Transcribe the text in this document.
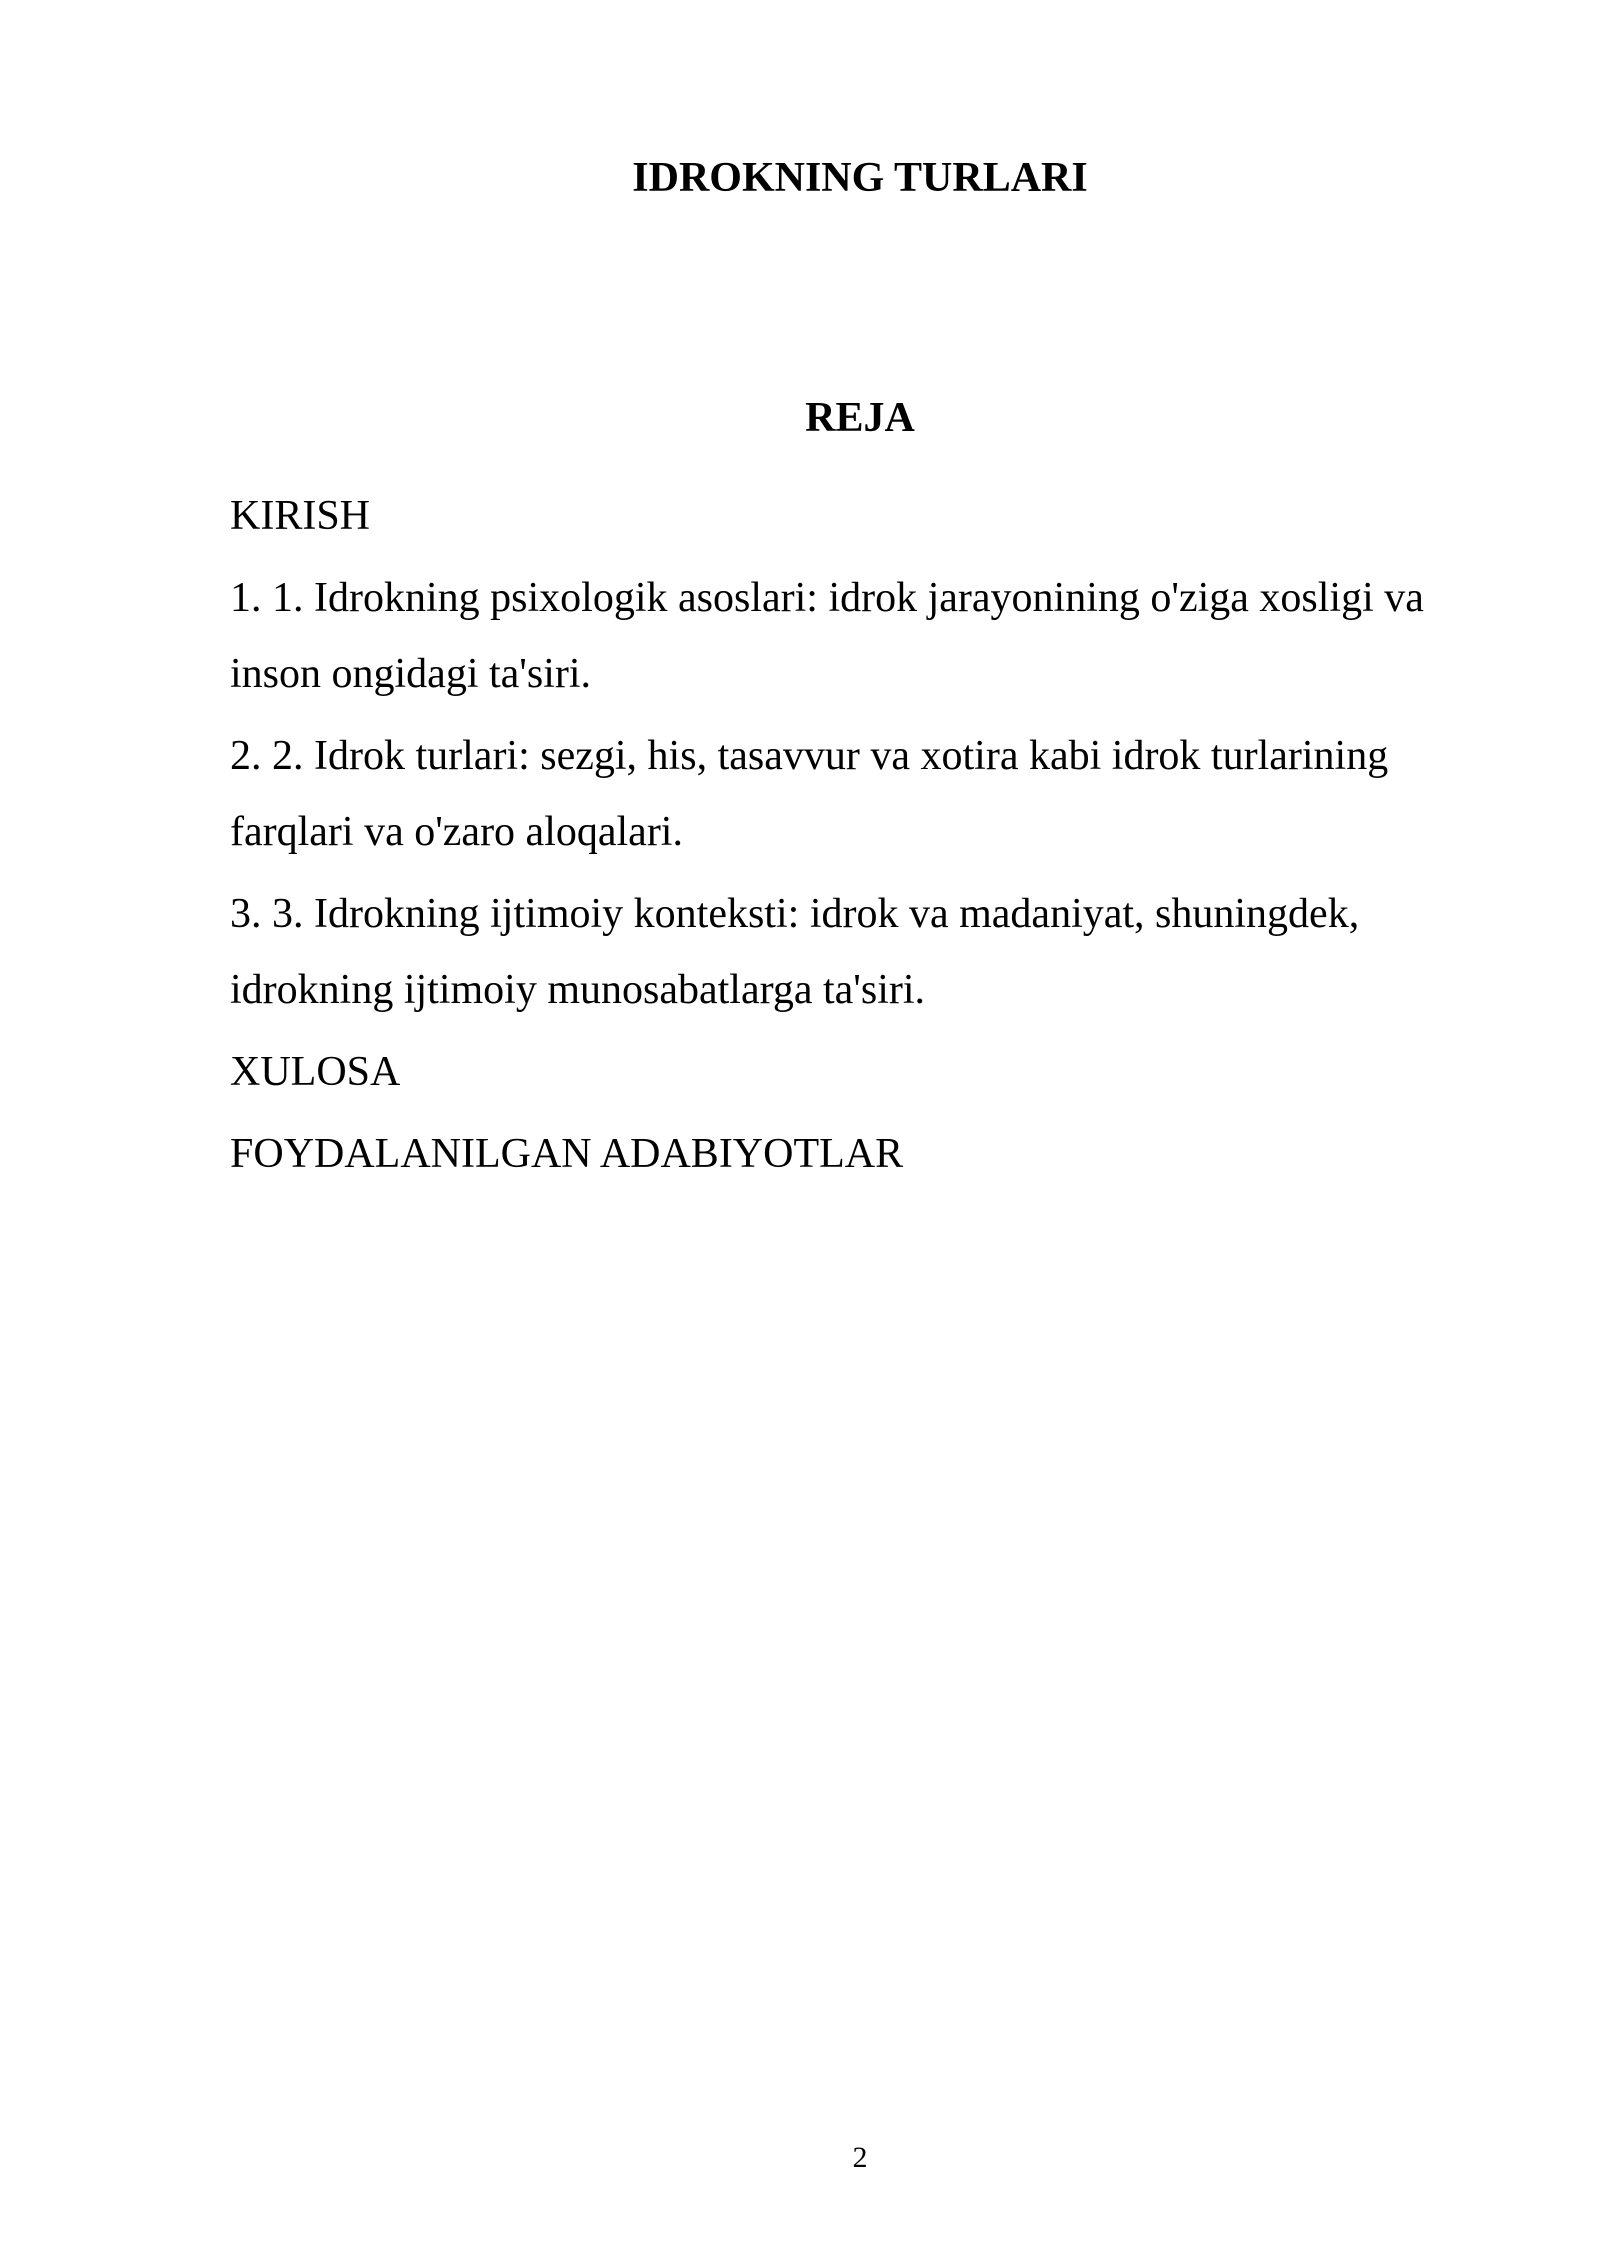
IDROKNING TURLARI
REJA
KIRISH
1. 1. Idrokning psixologik asoslari: idrok jarayonining o'ziga xosligi va inson ongidagi ta'siri.
2. 2. Idrok turlari: sezgi, his, tasavvur va xotira kabi idrok turlarining farqlari va o'zaro aloqalari.
3. 3. Idrokning ijtimoiy konteksti: idrok va madaniyat, shuningdek, idrokning ijtimoiy munosabatlarga ta'siri.
XULOSA
FOYDALANILGAN ADABIYOTLAR
2
